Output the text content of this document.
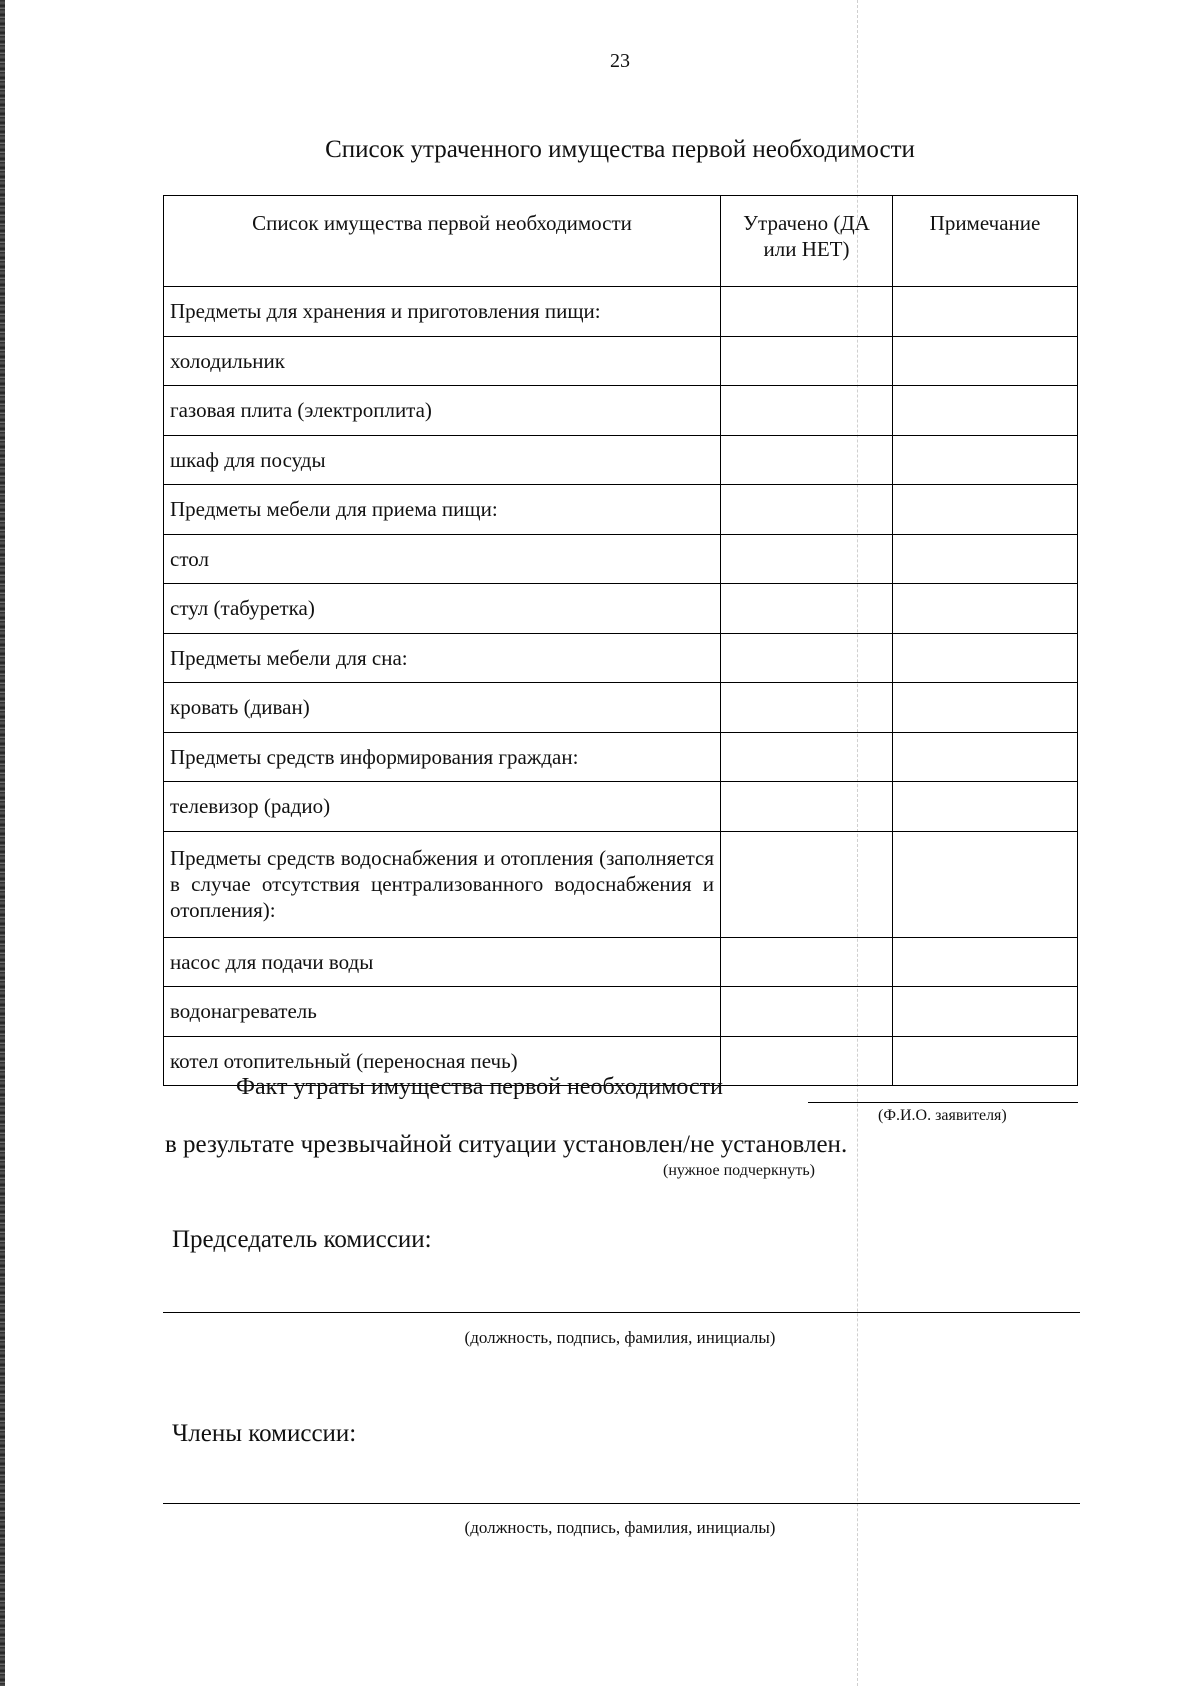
23
Список утраченного имущества первой необходимости
Список имущества первой необходимости	Утрачено (ДА или НЕТ)	Примечание
Предметы для хранения и приготовления пищи:		
холодильник		
газовая плита (электроплита)		
шкаф для посуды		
Предметы мебели для приема пищи:		
стол		
стул (табуретка)		
Предметы мебели для сна:		
кровать (диван)		
Предметы средств информирования граждан:		
телевизор (радио)		
Предметы средств водоснабжения и отопления (заполняется в случае отсутствия централизованного водоснабжения и отопления):		
насос для подачи воды		
водонагреватель		
котел отопительный (переносная печь)		
Факт утраты имущества первой необходимости
(Ф.И.О. заявителя)
в результате чрезвычайной ситуации установлен/не установлен.
(нужное подчеркнуть)
Председатель комиссии:
(должность, подпись, фамилия, инициалы)
Члены комиссии:
(должность, подпись, фамилия, инициалы)
